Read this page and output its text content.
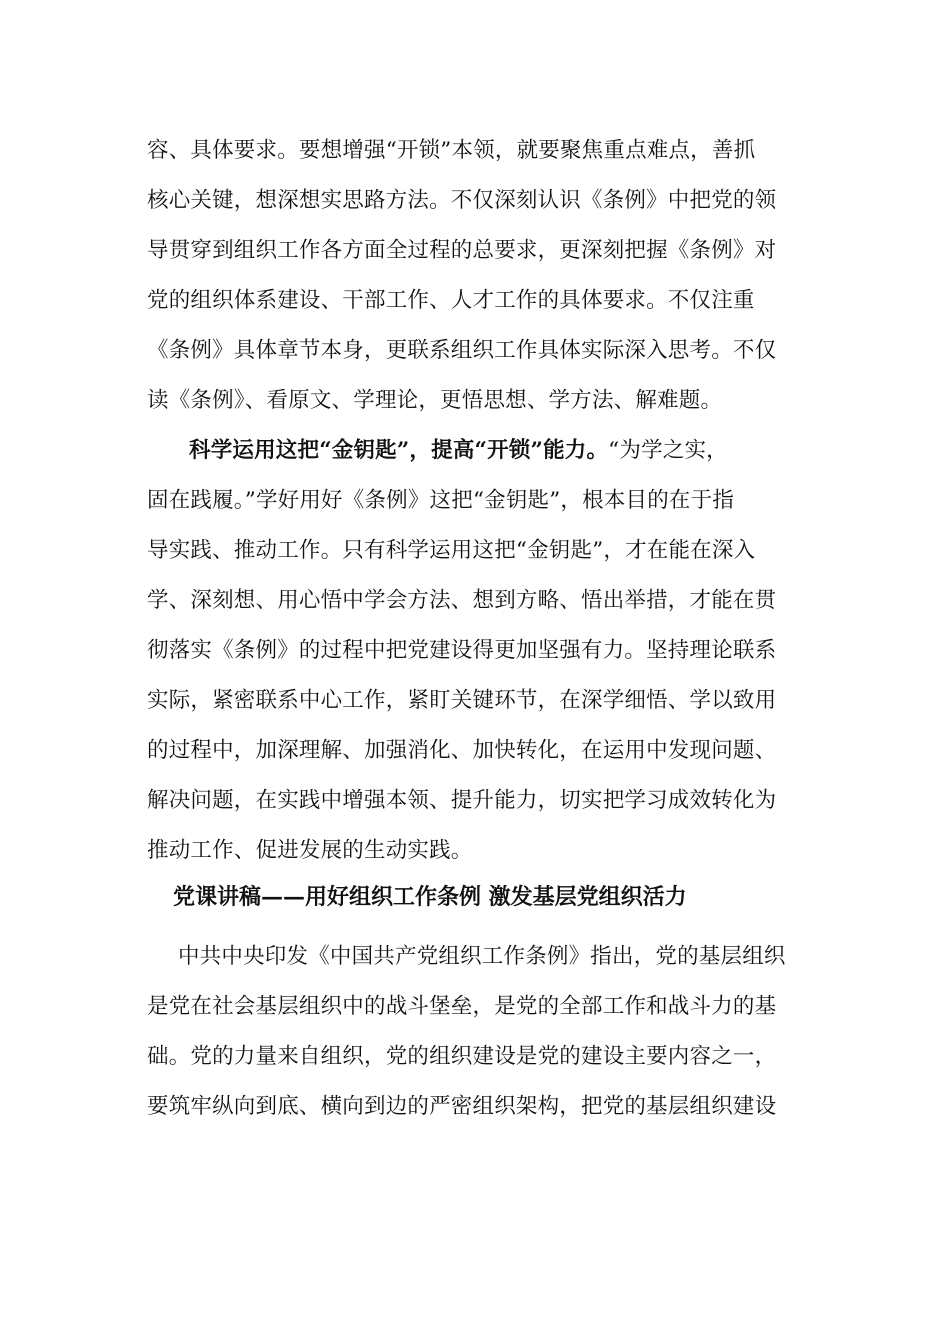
容、具体要求。要想增强“开锁”本领，就要聚焦重点难点，善抓
核心关键，想深想实思路方法。不仅深刻认识《条例》中把党的领
导贯穿到组织工作各方面全过程的总要求，更深刻把握《条例》对
党的组织体系建设、干部工作、人才工作的具体要求。不仅注重
《条例》具体章节本身，更联系组织工作具体实际深入思考。不仅
读《条例》、看原文、学理论，更悟思想、学方法、解难题。
科学运用这把“金钥匙”，提高“开锁”能力。“为学之实，
固在践履。”学好用好《条例》这把“金钥匙”，根本目的在于指
导实践、推动工作。只有科学运用这把“金钥匙”，才在能在深入
学、深刻想、用心悟中学会方法、想到方略、悟出举措，才能在贯
彻落实《条例》的过程中把党建设得更加坚强有力。坚持理论联系
实际，紧密联系中心工作，紧盯关键环节，在深学细悟、学以致用
的过程中，加深理解、加强消化、加快转化，在运用中发现问题、
解决问题，在实践中增强本领、提升能力，切实把学习成效转化为
推动工作、促进发展的生动实践。
党课讲稿——用好组织工作条例 激发基层党组织活力
中共中央印发《中国共产党组织工作条例》指出，党的基层组织
是党在社会基层组织中的战斗堡垒，是党的全部工作和战斗力的基
础。党的力量来自组织，党的组织建设是党的建设主要内容之一，
要筑牢纵向到底、横向到边的严密组织架构，把党的基层组织建设
